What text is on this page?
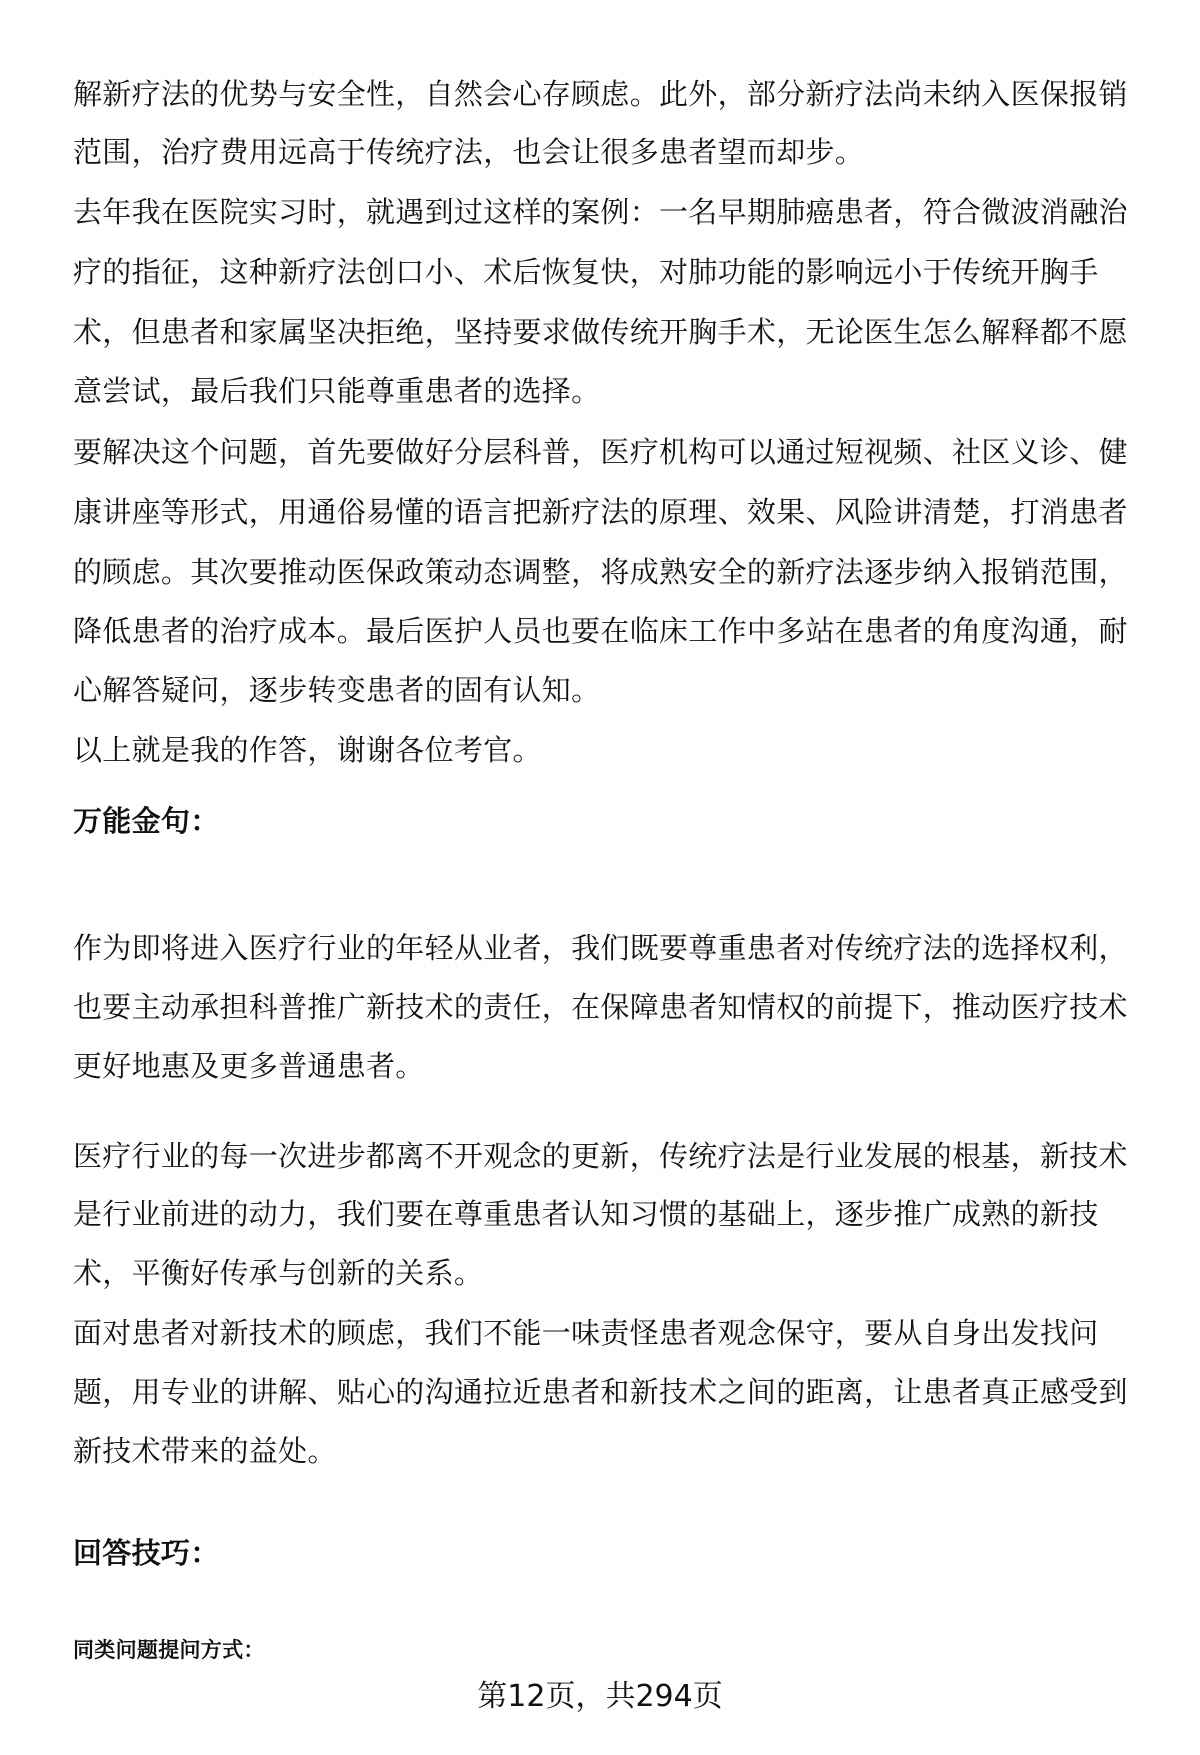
解新疗法的优势与安全性，自然会心存顾虑。此外，部分新疗法尚未纳入医保报销
范围，治疗费用远高于传统疗法，也会让很多患者望而却步。
去年我在医院实习时，就遇到过这样的案例：一名早期肺癌患者，符合微波消融治
疗的指征，这种新疗法创口小、术后恢复快，对肺功能的影响远小于传统开胸手
术，但患者和家属坚决拒绝，坚持要求做传统开胸手术，无论医生怎么解释都不愿
意尝试，最后我们只能尊重患者的选择。
要解决这个问题，首先要做好分层科普，医疗机构可以通过短视频、社区义诊、健
康讲座等形式，用通俗易懂的语言把新疗法的原理、效果、风险讲清楚，打消患者
的顾虑。其次要推动医保政策动态调整，将成熟安全的新疗法逐步纳入报销范围，
降低患者的治疗成本。最后医护人员也要在临床工作中多站在患者的角度沟通，耐
心解答疑问，逐步转变患者的固有认知。
以上就是我的作答，谢谢各位考官。
万能金句：
作为即将进入医疗行业的年轻从业者，我们既要尊重患者对传统疗法的选择权利，
也要主动承担科普推广新技术的责任，在保障患者知情权的前提下，推动医疗技术
更好地惠及更多普通患者。
医疗行业的每一次进步都离不开观念的更新，传统疗法是行业发展的根基，新技术
是行业前进的动力，我们要在尊重患者认知习惯的基础上，逐步推广成熟的新技
术，平衡好传承与创新的关系。
面对患者对新技术的顾虑，我们不能一味责怪患者观念保守，要从自身出发找问
题，用专业的讲解、贴心的沟通拉近患者和新技术之间的距离，让患者真正感受到
新技术带来的益处。
回答技巧：
同类问题提问方式：
第12页，共294页
